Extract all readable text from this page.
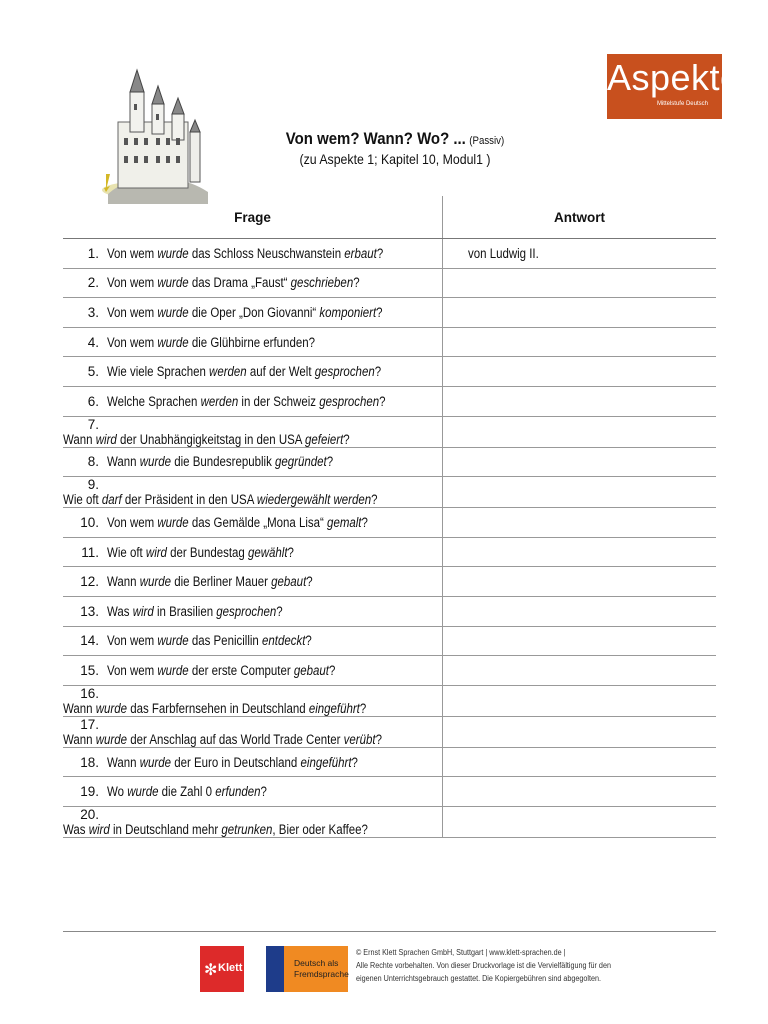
Aspekte
Mittelstufe Deutsch
Von wem? Wann? Wo? ... (Passiv)
(zu Aspekte 1; Kapitel 10, Modul1 )
Frage	Antwort
1. Von wem wurde das Schloss Neuschwanstein erbaut?	von Ludwig II.
2. Von wem wurde das Drama „Faust“ geschrieben?	
3. Von wem wurde die Oper „Don Giovanni“ komponiert?	
4. Von wem wurde die Glühbirne erfunden?	
5. Wie viele Sprachen werden auf der Welt gesprochen?	
6. Welche Sprachen werden in der Schweiz gesprochen?	
7.Wann wird der Unabhängigkeitstag in den USA gefeiert?	
8. Wann wurde die Bundesrepublik gegründet?	
9.Wie oft darf der Präsident in den USA wiedergewählt werden?	
10. Von wem wurde das Gemälde „Mona Lisa“ gemalt?	
11. Wie oft wird der Bundestag gewählt?	
12. Wann wurde die Berliner Mauer gebaut?	
13. Was wird in Brasilien gesprochen?	
14. Von wem wurde das Penicillin entdeckt?	
15. Von wem wurde der erste Computer gebaut?	
16.Wann wurde das Farbfernsehen in Deutschland eingeführt?	
17.Wann wurde der Anschlag auf das World Trade Center verübt?	
18. Wann wurde der Euro in Deutschland eingeführt?	
19. Wo wurde die Zahl 0 erfunden?	
20.Was wird in Deutschland mehr getrunken, Bier oder Kaffee?	
✻ Klett	Deutsch als Fremdsprache
© Ernst Klett Sprachen GmbH, Stuttgart | www.klett-sprachen.de |
Alle Rechte vorbehalten. Von dieser Druckvorlage ist die Vervielfältigung für den
eigenen Unterrichtsgebrauch gestattet. Die Kopiergebühren sind abgegolten.
